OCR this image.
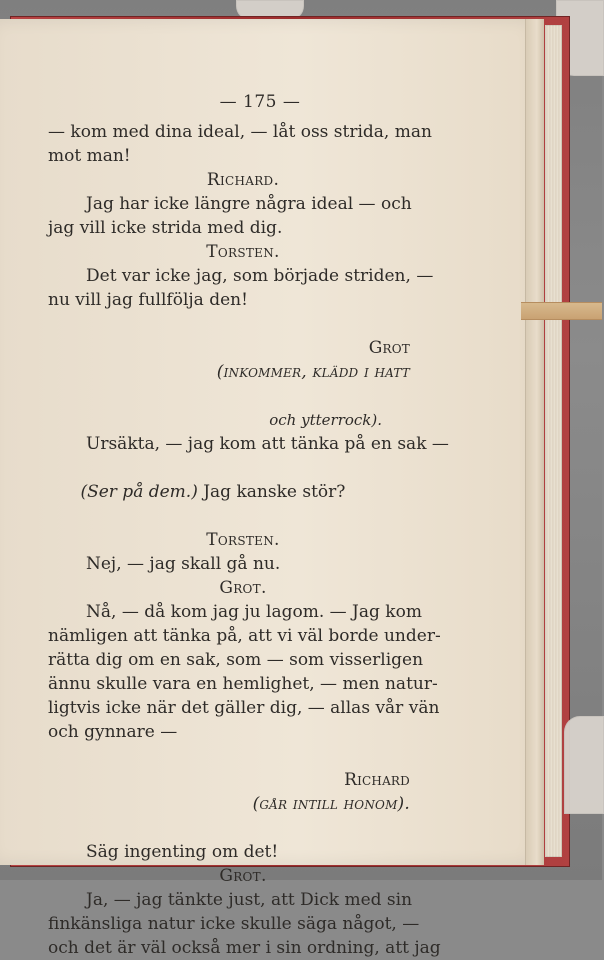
— 175 —

— kom med dina ideal, — låt oss strida, man

mot man!

Richard.

Jag har icke längre några ideal — och

jag vill icke strida med dig.

Torsten.

Det var icke jag, som började striden, —

nu vill jag fullfölja den!

Grot
(inkommer, klädd i hatt

och ytterrock).

Ursäkta, — jag kom att tänka på en sak —

(Ser på dem.) Jag kanske stör?

Torsten.

Nej, — jag skall gå nu.

Grot.

Nå, — då kom jag ju lagom. — Jag kom

nämligen att tänka på, att vi väl borde under-

rätta dig om en sak, som — som visserligen

ännu skulle vara en hemlighet, — men natur-

ligtvis icke när det gäller dig, — allas vår vän

och gynnare —

Richard
(går intill honom).

Säg ingenting om det!

Grot.

Ja, — jag tänkte just, att Dick med sin

finkänsliga natur icke skulle säga något, —

och det är väl också mer i sin ordning, att jag
